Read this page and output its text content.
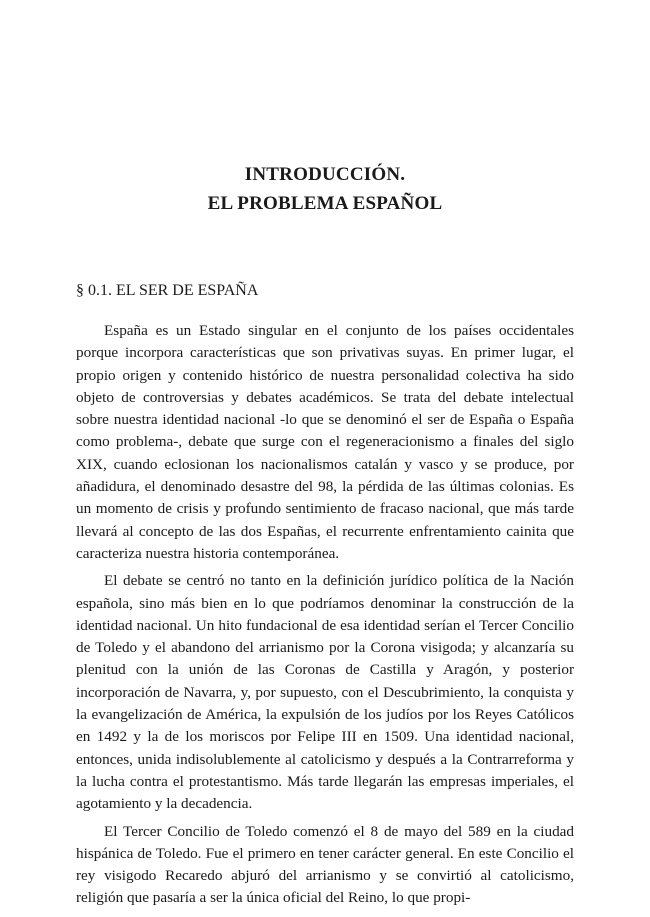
INTRODUCCIÓN.
EL PROBLEMA ESPAÑOL
§ 0.1. EL SER DE ESPAÑA

España es un Estado singular en el conjunto de los países occidentales porque incorpora características que son privativas suyas. En primer lugar, el propio origen y contenido histórico de nuestra personalidad colectiva ha sido objeto de controversias y debates académicos. Se trata del debate intelectual sobre nuestra identidad nacional -lo que se denominó el ser de España o España como problema-, debate que surge con el regeneracionismo a finales del siglo XIX, cuando eclosionan los nacionalismos catalán y vasco y se produce, por añadidura, el denominado desastre del 98, la pérdida de las últimas colonias. Es un momento de crisis y profundo sentimiento de fracaso nacional, que más tarde llevará al concepto de las dos Españas, el recurrente enfrentamiento cainita que caracteriza nuestra historia contemporánea.

El debate se centró no tanto en la definición jurídico política de la Nación española, sino más bien en lo que podríamos denominar la construcción de la identidad nacional. Un hito fundacional de esa identidad serían el Tercer Concilio de Toledo y el abandono del arrianismo por la Corona visigoda; y alcanzaría su plenitud con la unión de las Coronas de Castilla y Aragón, y posterior incorporación de Navarra, y, por supuesto, con el Descubrimiento, la conquista y la evangelización de América, la expulsión de los judíos por los Reyes Católicos en 1492 y la de los moriscos por Felipe III en 1509. Una identidad nacional, entonces, unida indisolublemente al catolicismo y después a la Contrarreforma y la lucha contra el protestantismo. Más tarde llegarán las empresas imperiales, el agotamiento y la decadencia.

El Tercer Concilio de Toledo comenzó el 8 de mayo del 589 en la ciudad hispánica de Toledo. Fue el primero en tener carácter general. En este Concilio el rey visigodo Recaredo abjuró del arrianismo y se convirtió al catolicismo, religión que pasaría a ser la única oficial del Reino, lo que propi-
